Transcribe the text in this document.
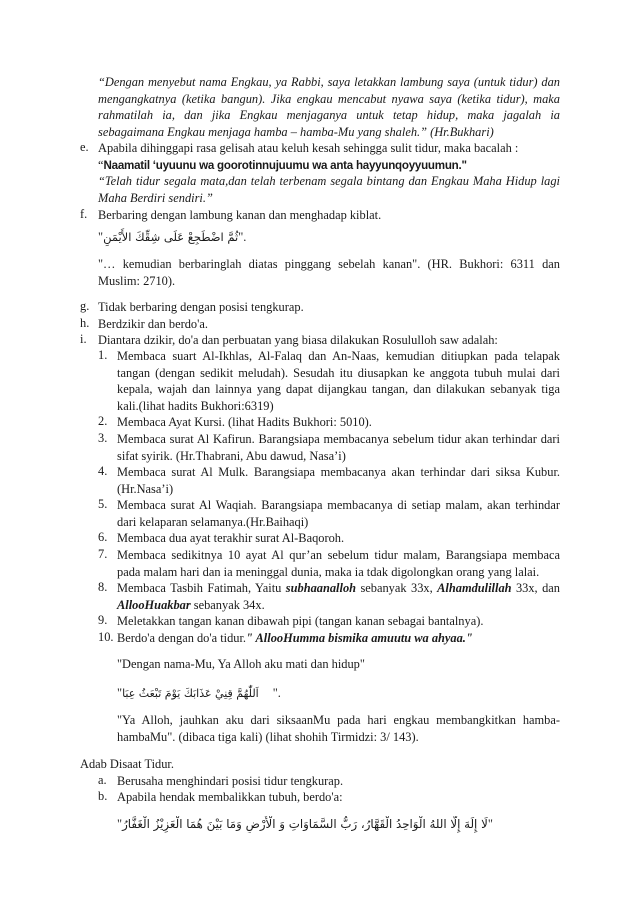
“Dengan menyebut nama Engkau, ya Rabbi, saya letakkan lambung saya (untuk tidur) dan mengangkatnya (ketika bangun). Jika engkau mencabut nyawa saya (ketika tidur), maka rahmatilah ia, dan jika Engkau menjaganya untuk tetap hidup, maka jagalah ia sebagaimana Engkau menjaga hamba – hamba-Mu yang shaleh.” (Hr.Bukhari)

e. Apabila dihinggapi rasa gelisah atau keluh kesah sehingga sulit tidur, maka bacalah :

“Naamatil ‘uyuunu wa goorotinnujuumu wa anta hayyunqoyyuumun."

“Telah tidur segala mata,dan telah terbenam segala bintang dan Engkau Maha Hidup lagi Maha Berdiri sendiri.”

f. Berbaring dengan lambung kanan dan menghadap kiblat.

"ثُمَّ اضْطَجِعْ عَلَى شِقِّكَ الأَيْمَنِ".

"… kemudian berbaringlah diatas pinggang sebelah kanan". (HR. Bukhori: 6311 dan Muslim: 2710).

g. Tidak berbaring dengan posisi tengkurap.

h. Berdzikir dan berdo'a.

i. Diantara dzikir, do'a dan perbuatan yang biasa dilakukan Rosululloh saw adalah:

1. Membaca suart Al-Ikhlas, Al-Falaq dan An-Naas, kemudian ditiupkan pada telapak tangan (dengan sedikit meludah). Sesudah itu diusapkan ke anggota tubuh mulai dari kepala, wajah dan lainnya yang dapat dijangkau tangan, dan dilakukan sebanyak tiga kali.(lihat hadits Bukhori:6319)

2. Membaca Ayat Kursi. (lihat Hadits Bukhori: 5010).

3. Membaca surat Al Kafirun. Barangsiapa membacanya sebelum tidur akan terhindar dari sifat syirik. (Hr.Thabrani, Abu dawud, Nasa’i)

4. Membaca surat Al Mulk. Barangsiapa membacanya akan terhindar dari siksa Kubur. (Hr.Nasa’i)

5. Membaca surat Al Waqiah. Barangsiapa membacanya di setiap malam, akan terhindar dari kelaparan selamanya.(Hr.Baihaqi)

6. Membaca dua ayat terakhir surat Al-Baqoroh.

7. Membaca sedikitnya 10 ayat Al qur’an sebelum tidur malam, Barangsiapa membaca pada malam hari dan ia meninggal dunia, maka ia tdak digolongkan orang yang lalai.

8. Membaca Tasbih Fatimah, Yaitu subhaanalloh sebanyak 33x, Alhamdulillah 33x, dan AllooHuakbar sebanyak 34x.

9. Meletakkan tangan kanan dibawah pipi (tangan kanan sebagai bantalnya).

10. Berdo'a dengan do'a tidur." AllooHumma bismika amuutu wa ahyaa."

"Dengan nama-Mu, Ya Alloh aku mati dan hidup"

"اَللّٰهُمَّ قِنِيْ عَذَابَكَ يَوْمَ تَبْعَثُ عِبَا ".

"Ya Alloh, jauhkan aku dari siksaanMu pada hari engkau membangkitkan hamba-hambaMu". (dibaca tiga kali) (lihat shohih Tirmidzi: 3/ 143).

Adab Disaat Tidur.

a. Berusaha menghindari posisi tidur tengkurap.

b. Apabila hendak membalikkan tubuh, berdo'a:

"لَا إِلَهَ إِلَّا اللهُ الْوَاحِدُ الْقَهَّارُ، رَبُّ السَّمَاوَاتِ وَ الْأَرْضِ وَمَا بَيْنَ هُمَا الْعَزِيْزُ الْغَفَّارُ"
